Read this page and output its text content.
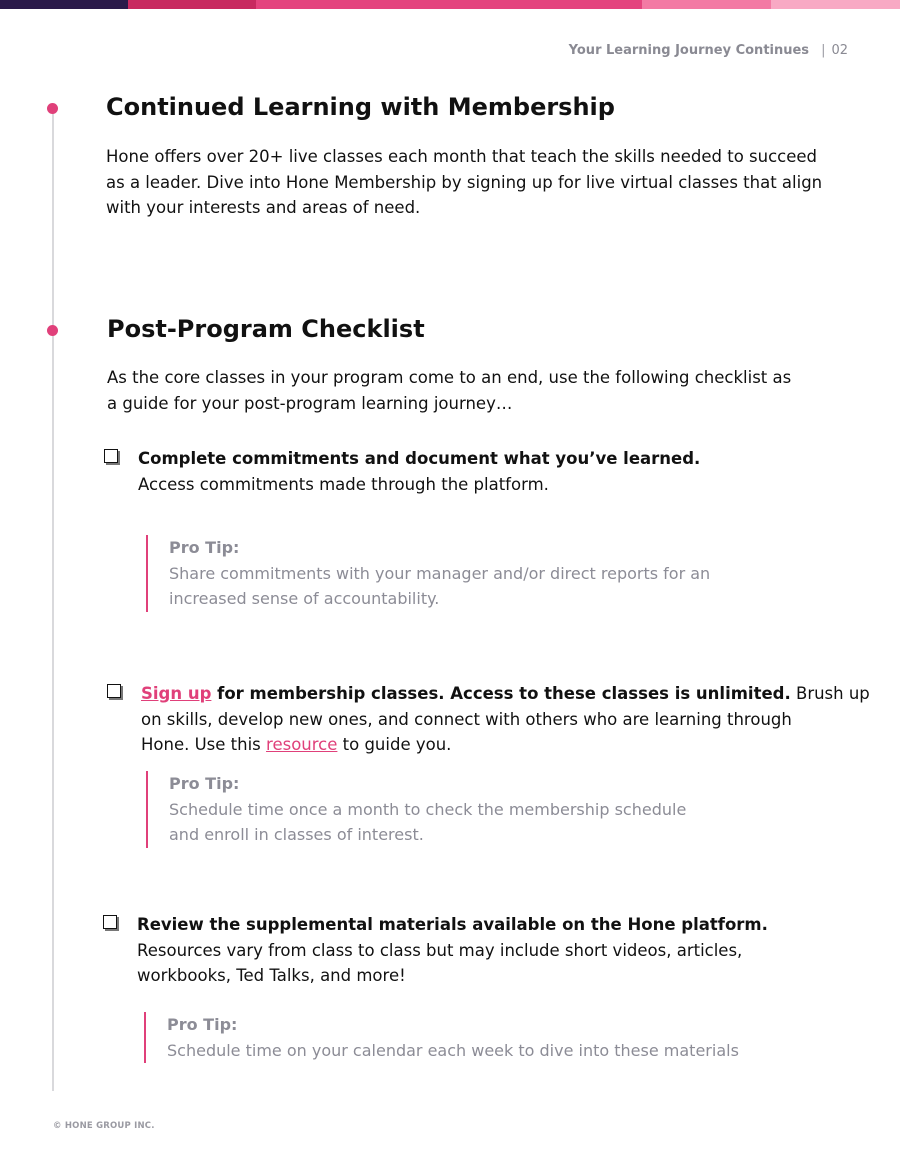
Your Learning Journey Continues | 02
Continued Learning with Membership
Hone offers over 20+ live classes each month that teach the skills needed to succeed
as a leader. Dive into Hone Membership by signing up for live virtual classes that align
with your interests and areas of need.
Post-Program Checklist
As the core classes in your program come to an end, use the following checklist as
a guide for your post-program learning journey…
Complete commitments and document what you’ve learned.
Access commitments made through the platform.
Pro Tip:
Share commitments with your manager and/or direct reports for an
increased sense of accountability.
Sign up for membership classes. Access to these classes is unlimited. Brush up
on skills, develop new ones, and connect with others who are learning through
Hone. Use this resource to guide you.
Pro Tip:
Schedule time once a month to check the membership schedule
and enroll in classes of interest.
Review the supplemental materials available on the Hone platform.
Resources vary from class to class but may include short videos, articles,
workbooks, Ted Talks, and more!
Pro Tip:
Schedule time on your calendar each week to dive into these materials
© HONE GROUP INC.
